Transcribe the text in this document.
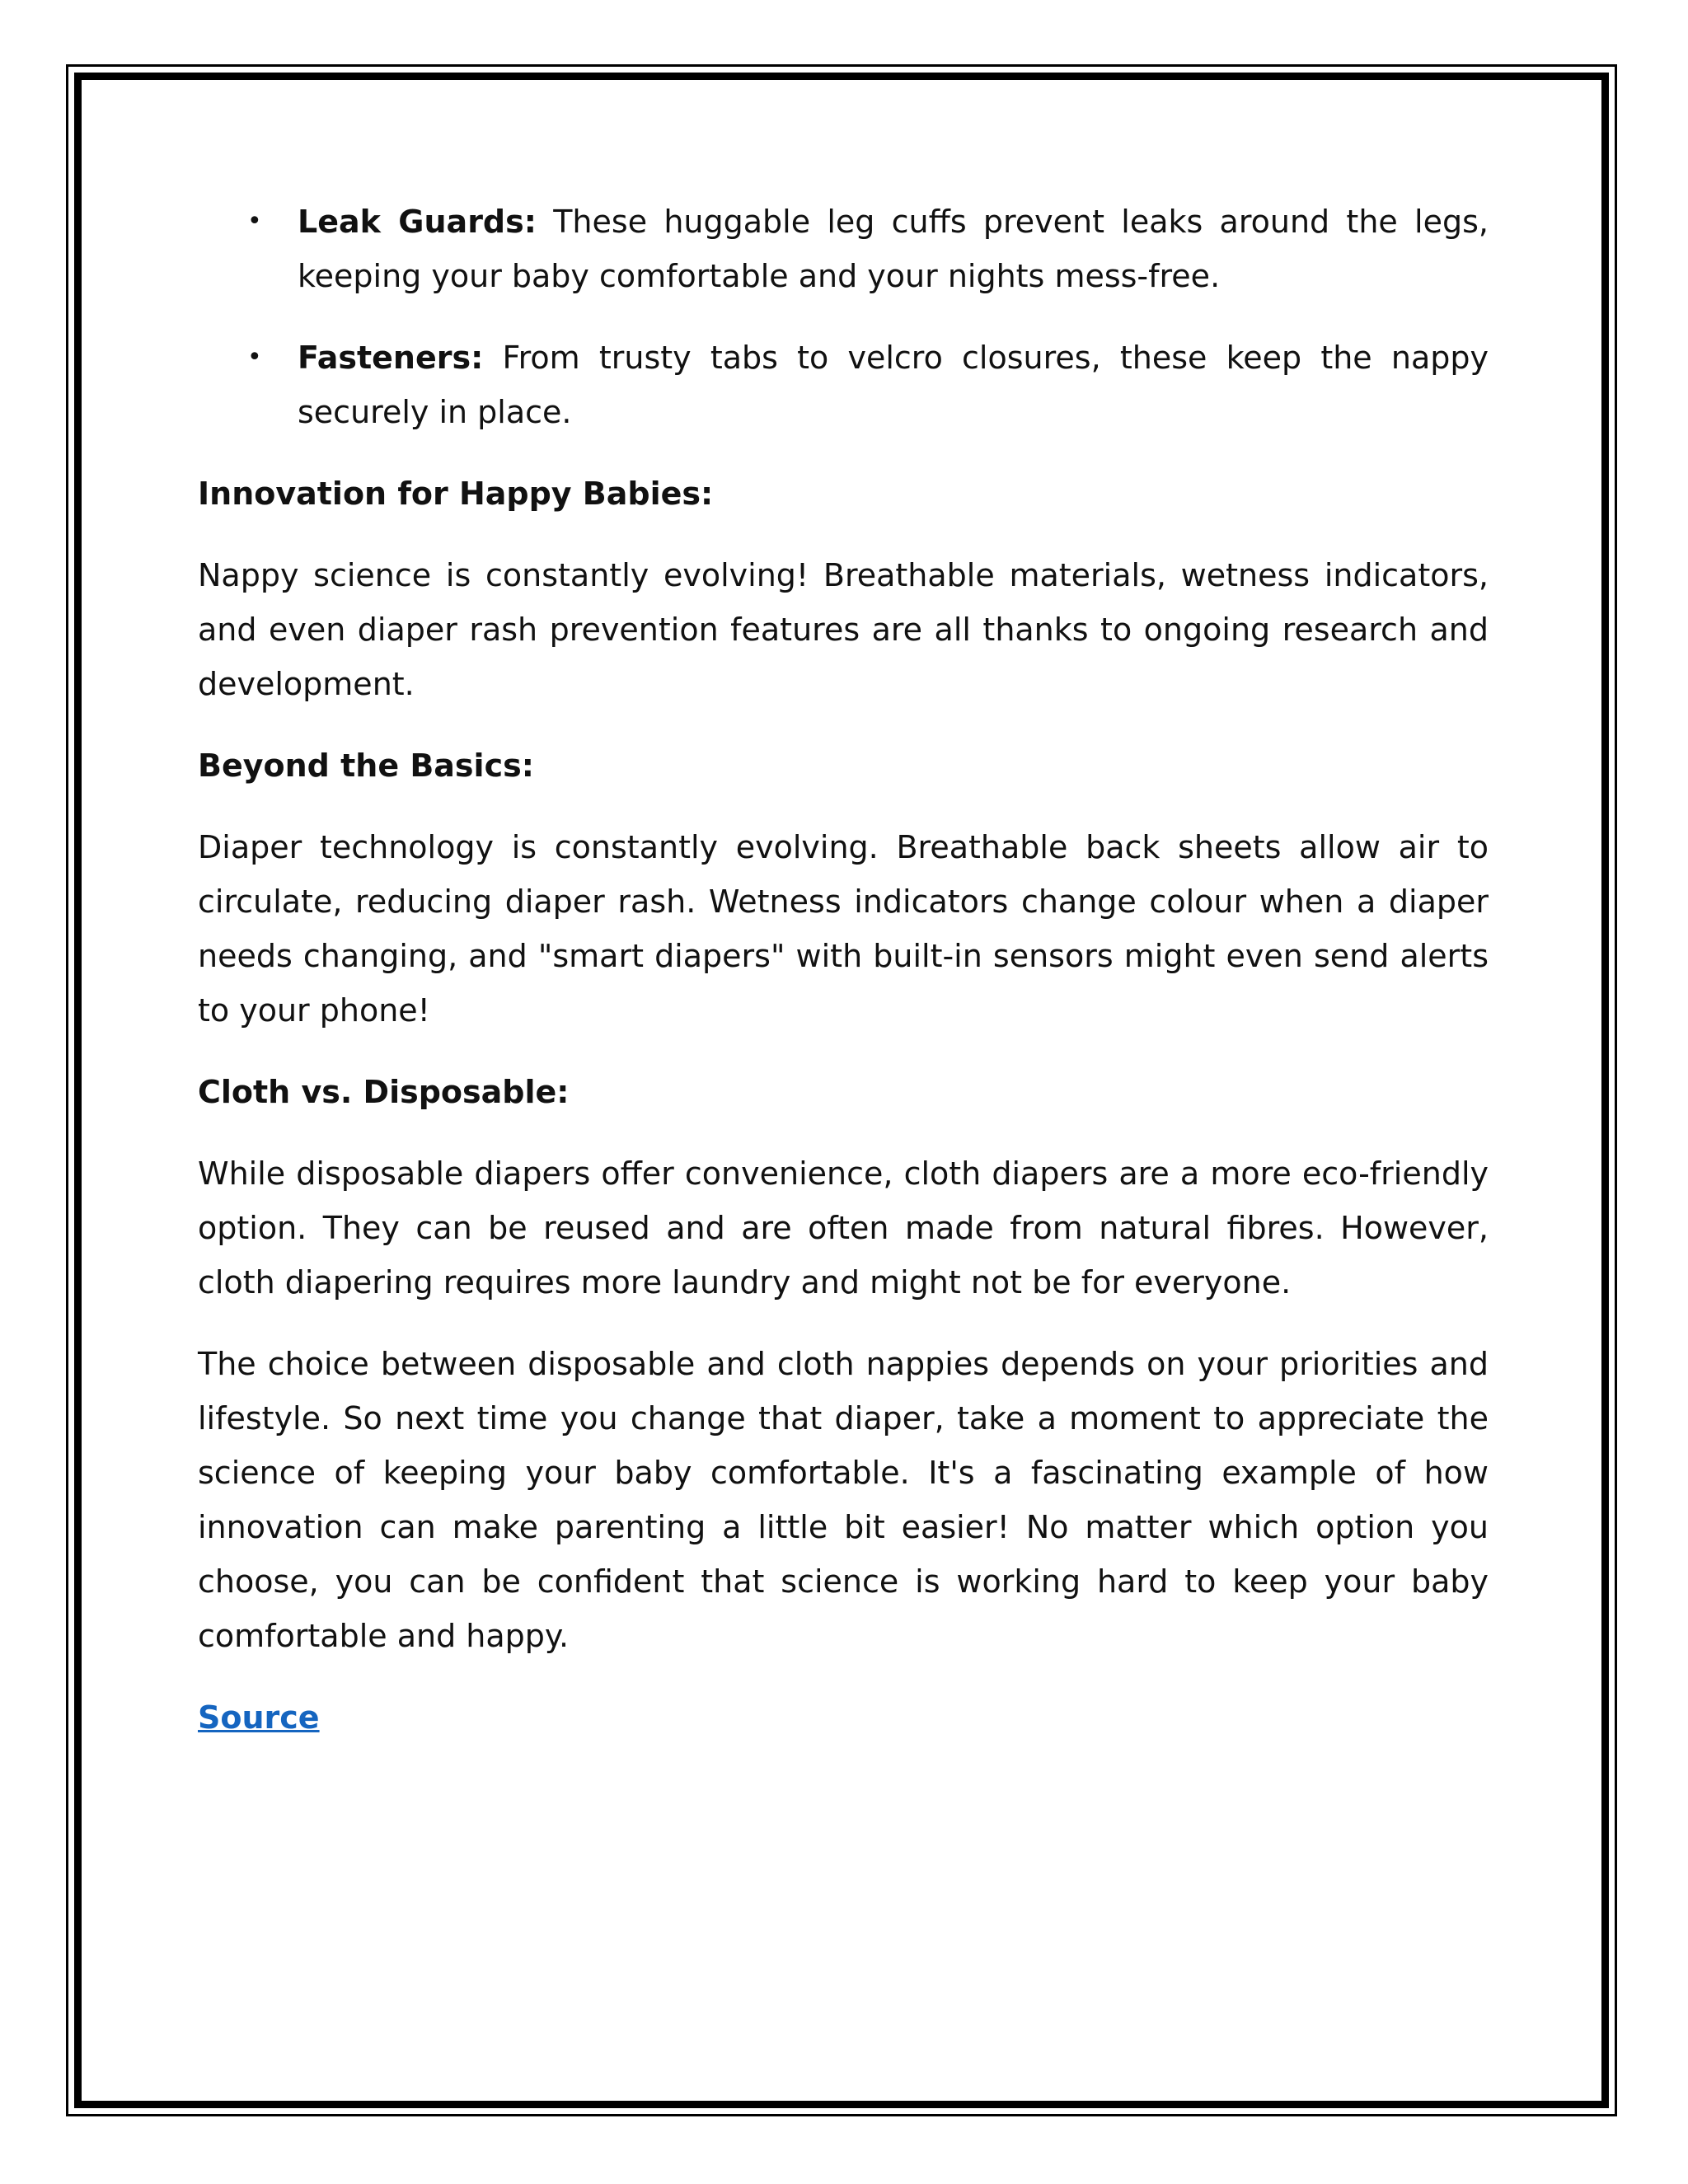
• Leak Guards: These huggable leg cuffs prevent leaks around the legs, keeping your baby comfortable and your nights mess-free.
• Fasteners: From trusty tabs to velcro closures, these keep the nappy securely in place.
Innovation for Happy Babies:

Nappy science is constantly evolving! Breathable materials, wetness indicators, and even diaper rash prevention features are all thanks to ongoing research and development.

Beyond the Basics:

Diaper technology is constantly evolving. Breathable back sheets allow air to circulate, reducing diaper rash. Wetness indicators change colour when a diaper needs changing, and "smart diapers" with built-in sensors might even send alerts to your phone!

Cloth vs. Disposable:

While disposable diapers offer convenience, cloth diapers are a more eco-friendly option. They can be reused and are often made from natural fibres. However, cloth diapering requires more laundry and might not be for everyone.

The choice between disposable and cloth nappies depends on your priorities and lifestyle. So next time you change that diaper, take a moment to appreciate the science of keeping your baby comfortable. It's a fascinating example of how innovation can make parenting a little bit easier! No matter which option you choose, you can be confident that science is working hard to keep your baby comfortable and happy.

Source
